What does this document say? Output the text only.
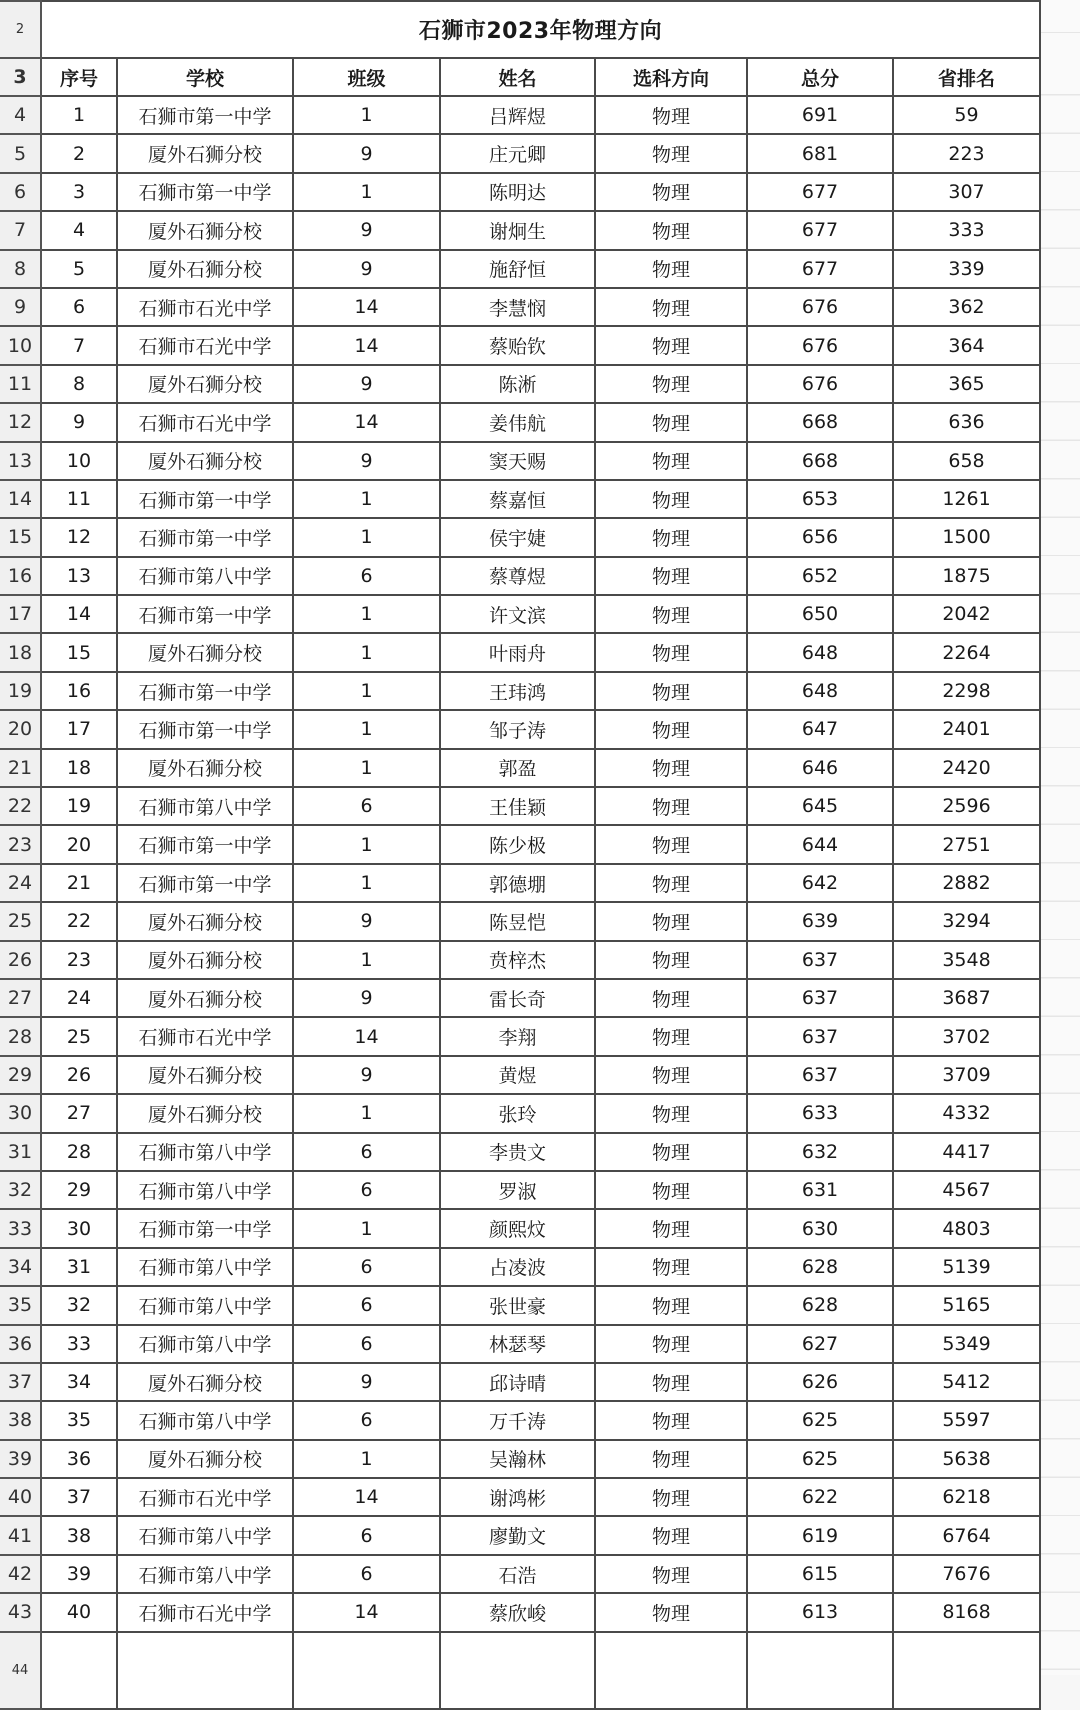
2	石狮市2023年物理方向						
3	序号	学校	班级	姓名	选科方向	总分	省排名
4	1	石狮市第一中学	1	吕辉煜	物理	691	59
5	2	厦外石狮分校	9	庄元卿	物理	681	223
6	3	石狮市第一中学	1	陈明达	物理	677	307
7	4	厦外石狮分校	9	谢炯生	物理	677	333
8	5	厦外石狮分校	9	施舒恒	物理	677	339
9	6	石狮市石光中学	14	李慧悯	物理	676	362
10	7	石狮市石光中学	14	蔡贻钦	物理	676	364
11	8	厦外石狮分校	9	陈淅	物理	676	365
12	9	石狮市石光中学	14	姜伟航	物理	668	636
13	10	厦外石狮分校	9	窦天赐	物理	668	658
14	11	石狮市第一中学	1	蔡嘉恒	物理	653	1261
15	12	石狮市第一中学	1	侯宇婕	物理	656	1500
16	13	石狮市第八中学	6	蔡尊煜	物理	652	1875
17	14	石狮市第一中学	1	许文滨	物理	650	2042
18	15	厦外石狮分校	1	叶雨舟	物理	648	2264
19	16	石狮市第一中学	1	王玮鸿	物理	648	2298
20	17	石狮市第一中学	1	邹子涛	物理	647	2401
21	18	厦外石狮分校	1	郭盈	物理	646	2420
22	19	石狮市第八中学	6	王佳颖	物理	645	2596
23	20	石狮市第一中学	1	陈少极	物理	644	2751
24	21	石狮市第一中学	1	郭德堋	物理	642	2882
25	22	厦外石狮分校	9	陈昱恺	物理	639	3294
26	23	厦外石狮分校	1	贲梓杰	物理	637	3548
27	24	厦外石狮分校	9	雷长奇	物理	637	3687
28	25	石狮市石光中学	14	李翔	物理	637	3702
29	26	厦外石狮分校	9	黄煜	物理	637	3709
30	27	厦外石狮分校	1	张玲	物理	633	4332
31	28	石狮市第八中学	6	李贵文	物理	632	4417
32	29	石狮市第八中学	6	罗淑	物理	631	4567
33	30	石狮市第一中学	1	颜熙炆	物理	630	4803
34	31	石狮市第八中学	6	占凌波	物理	628	5139
35	32	石狮市第八中学	6	张世豪	物理	628	5165
36	33	石狮市第八中学	6	林瑟琴	物理	627	5349
37	34	厦外石狮分校	9	邱诗晴	物理	626	5412
38	35	石狮市第八中学	6	万千涛	物理	625	5597
39	36	厦外石狮分校	1	吴瀚林	物理	625	5638
40	37	石狮市石光中学	14	谢鸿彬	物理	622	6218
41	38	石狮市第八中学	6	廖勤文	物理	619	6764
42	39	石狮市第八中学	6	石浩	物理	615	7676
43	40	石狮市石光中学	14	蔡欣峻	物理	613	8168
44							
